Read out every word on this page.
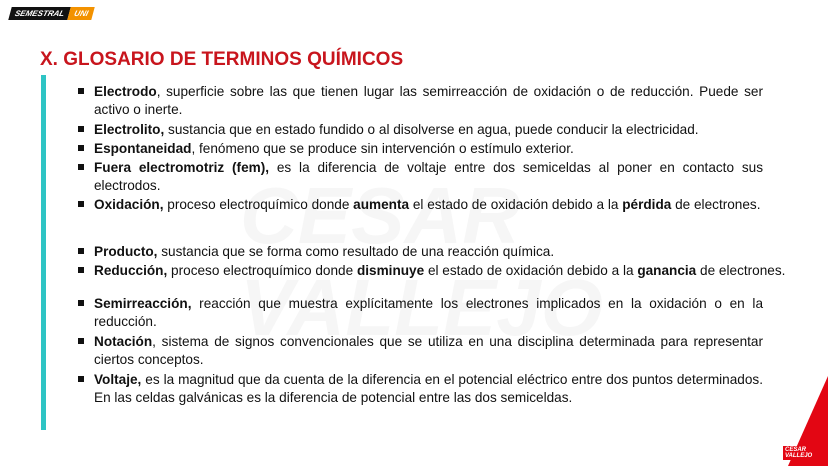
SEMESTRAL UNI
X. GLOSARIO DE TERMINOS QUÍMICOS
Electrodo, superficie sobre las que tienen lugar las semirreacción de oxidación o de reducción. Puede ser activo o inerte.
Electrolito, sustancia que en estado fundido o al disolverse en agua, puede conducir la electricidad.
Espontaneidad, fenómeno que se produce sin intervención o estímulo exterior.
Fuera electromotriz (fem), es la diferencia de voltaje entre dos semiceldas al poner en contacto sus electrodos.
Oxidación, proceso electroquímico donde aumenta el estado de oxidación debido a la pérdida de electrones.
Producto, sustancia que se forma como resultado de una reacción química.
Reducción, proceso electroquímico donde disminuye el estado de oxidación debido a la ganancia de electrones.
Semirreacción, reacción que muestra explícitamente los electrones implicados en la oxidación o en la reducción.
Notación, sistema de signos convencionales que se utiliza en una disciplina determinada para representar ciertos conceptos.
Voltaje, es la magnitud que da cuenta de la diferencia en el potencial eléctrico entre dos puntos determinados. En las celdas galvánicas es la diferencia de potencial entre las dos semiceldas.
CESAR VALLEJO
